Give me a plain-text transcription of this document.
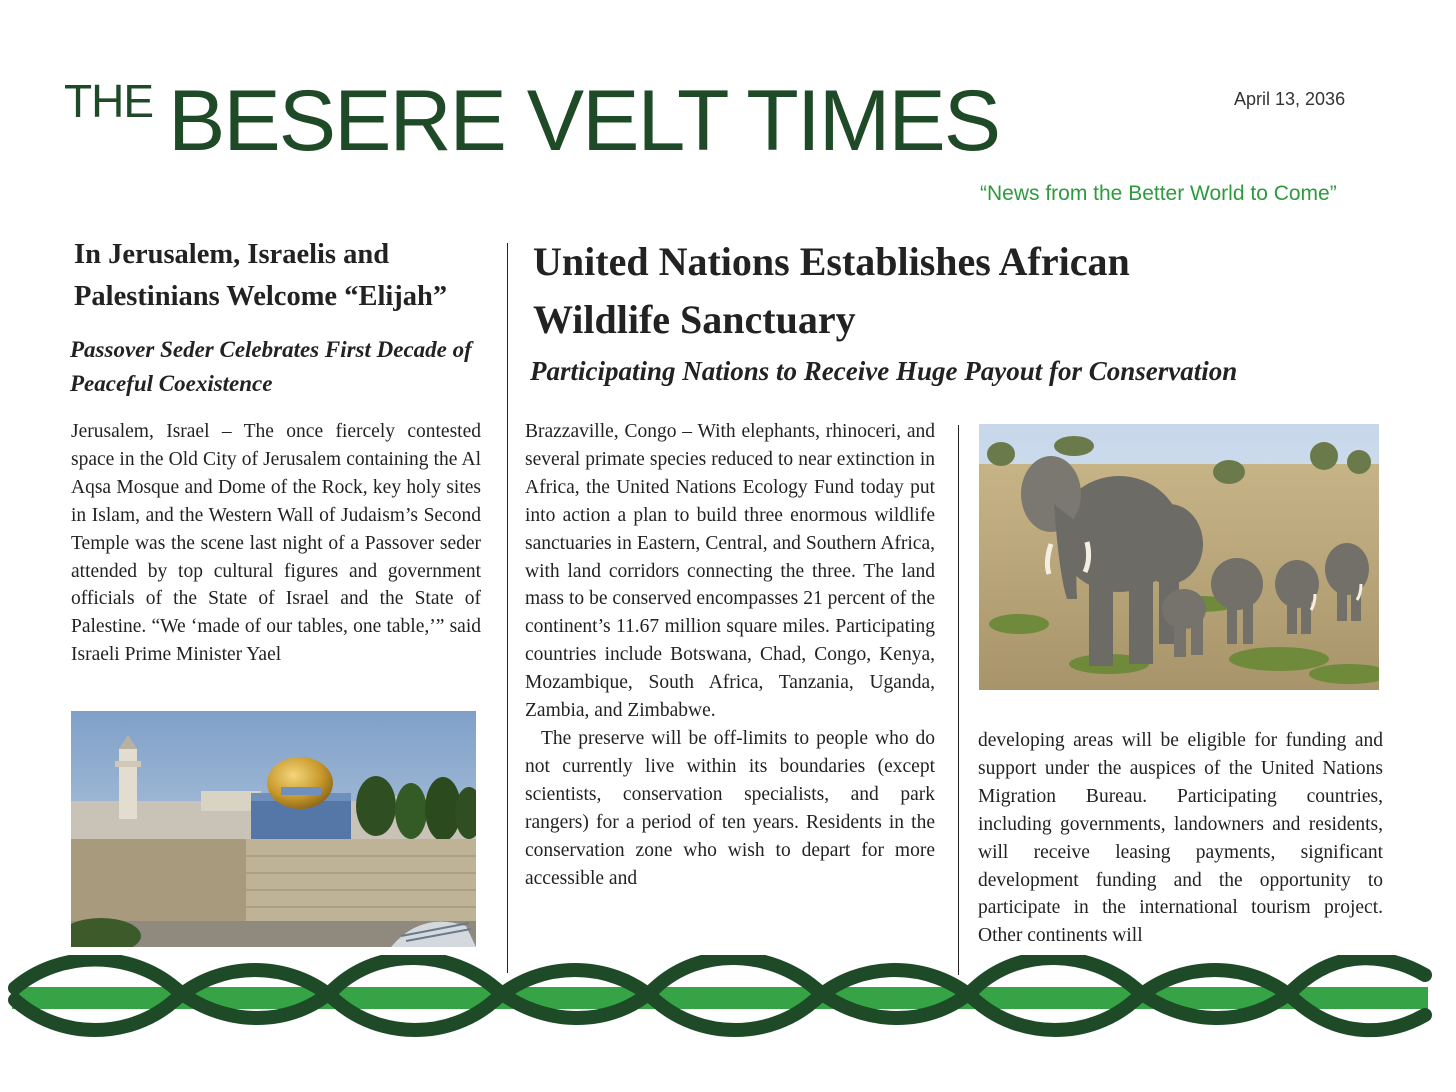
THE BESERE VELT TIMES	April 13, 2036
“News from the Better World to Come”
In Jerusalem, Israelis and Palestinians Welcome “Elijah”
Passover Seder Celebrates First Decade of Peaceful Coexistence
Jerusalem, Israel – The once fiercely contested space in the Old City of Jerusalem containing the Al Aqsa Mosque and Dome of the Rock, key holy sites in Islam, and the Western Wall of Judaism’s Second Temple was the scene last night of a Passover seder attended by top cultural figures and government officials of the State of Israel and the State of Palestine. “We ‘made of our tables, one table,’” said Israeli Prime Minister Yael
United Nations Establishes African Wildlife Sanctuary
Participating Nations to Receive Huge Payout for Conservation

Brazzaville, Congo – With elephants, rhinoceri, and several primate species reduced to near extinction in Africa, the United Nations Ecology Fund today put into action a plan to build three enormous wildlife sanctuaries in Eastern, Central, and Southern Africa, with land corridors connecting the three. The land mass to be conserved encompasses 21 percent of the continent’s 11.67 million square miles. Participating countries include Botswana, Chad, Congo, Kenya, Mozambique, South Africa, Tanzania, Uganda, Zambia, and Zimbabwe.

The preserve will be off-limits to people who do not currently live within its boundaries (except scientists, conservation specialists, and park rangers) for a period of ten years. Residents in the conservation zone who wish to depart for more accessible and

developing areas will be eligible for funding and support under the auspices of the United Nations Migration Bureau. Participating countries, including governments, landowners and residents, will receive leasing payments, significant development funding and the opportunity to participate in the international tourism project. Other continents will
